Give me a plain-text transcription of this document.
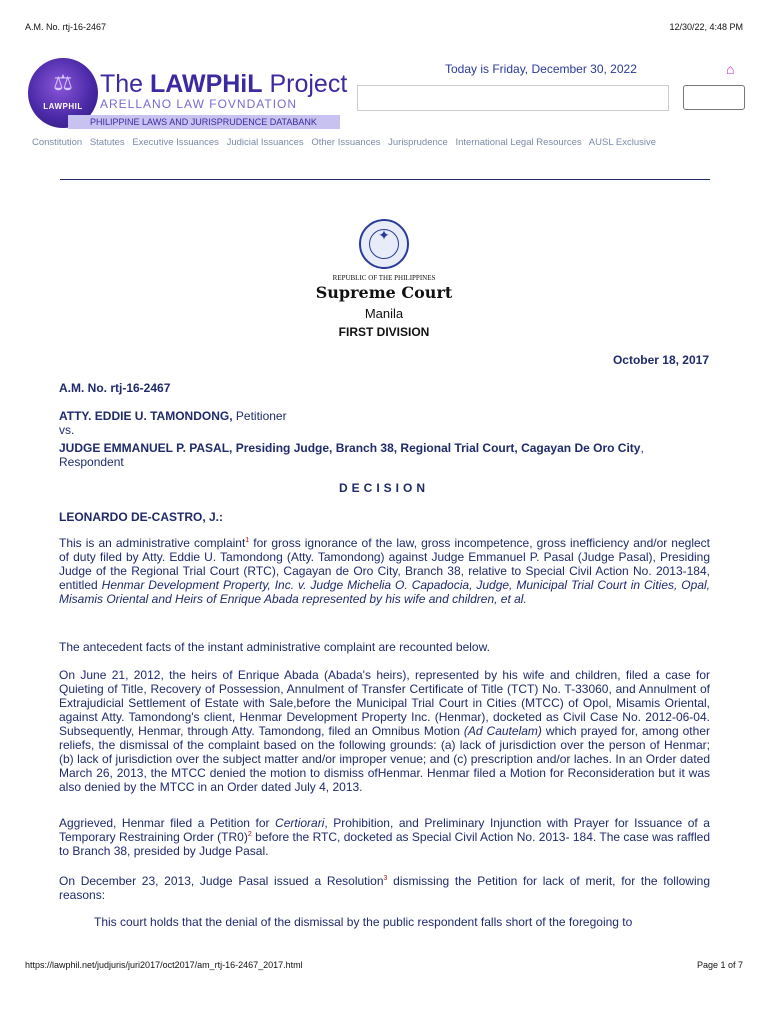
A.M. No. rtj-16-2467	12/30/22, 4:48 PM
⚖
LAWPHIL
The LAWPHiL Project
ARELLANO LAW FOVNDATION
PHILIPPINE LAWS AND JURISPRUDENCE DATABANK
Today is Friday, December 30, 2022	⌂
Constitution Statutes Executive Issuances Judicial Issuances Other Issuances Jurisprudence International Legal Resources AUSL Exclusive
✦
REPUBLIC OF THE PHILIPPINES
Supreme Court
Manila
FIRST DIVISION
October 18, 2017
A.M. No. rtj-16-2467
ATTY. EDDIE U. TAMONDONG, Petitioner
vs.
JUDGE EMMANUEL P. PASAL, Presiding Judge, Branch 38, Regional Trial Court, Cagayan De Oro City,
Respondent
DECISION
LEONARDO DE-CASTRO, J.:
This is an administrative complaint$^1$ for gross ignorance of the law, gross incompetence, gross inefficiency and/or neglect of duty filed by Atty. Eddie U. Tamondong (Atty. Tamondong) against Judge Emmanuel P. Pasal (Judge Pasal), Presiding Judge of the Regional Trial Court (RTC), Cagayan de Oro City, Branch 38, relative to Special Civil Action No. 2013-184, entitled Henmar Development Property, Inc. v. Judge Michelia O. Capadocia, Judge, Municipal Trial Court in Cities, Opal, Misamis Oriental and Heirs of Enrique Abada represented by his wife and children, et al.
The antecedent facts of the instant administrative complaint are recounted below.
On June 21, 2012, the heirs of Enrique Abada (Abada's heirs), represented by his wife and children, filed a case for Quieting of Title, Recovery of Possession, Annulment of Transfer Certificate of Title (TCT) No. T-33060, and Annulment of Extrajudicial Settlement of Estate with Sale,before the Municipal Trial Court in Cities (MTCC) of Opol, Misamis Oriental, against Atty. Tamondong's client, Henmar Development Property Inc. (Henmar), docketed as Civil Case No. 2012-06-04. Subsequently, Henmar, through Atty. Tamondong, filed an Omnibus Motion (Ad Cautelam) which prayed for, among other reliefs, the dismissal of the complaint based on the following grounds: (a) lack of jurisdiction over the person of Henmar; (b) lack of jurisdiction over the subject matter and/or improper venue; and (c) prescription and/or laches. In an Order dated March 26, 2013, the MTCC denied the motion to dismiss ofHenmar. Henmar filed a Motion for Reconsideration but it was also denied by the MTCC in an Order dated July 4, 2013.
Aggrieved, Henmar filed a Petition for Certiorari, Prohibition, and Preliminary Injunction with Prayer for Issuance of a Temporary Restraining Order $(TR0)^2$ before the RTC, docketed as Special Civil Action No. 2013- 184. The case was raffled to Branch 38, presided by Judge Pasal.
On December 23, 2013, Judge Pasal issued a Resolution$^3$ dismissing the Petition for lack of merit, for the following reasons:
This court holds that the denial of the dismissal by the public respondent falls short of the foregoing to
https://lawphil.net/judjuris/juri2017/oct2017/am_rtj-16-2467_2017.html	Page 1 of 7
